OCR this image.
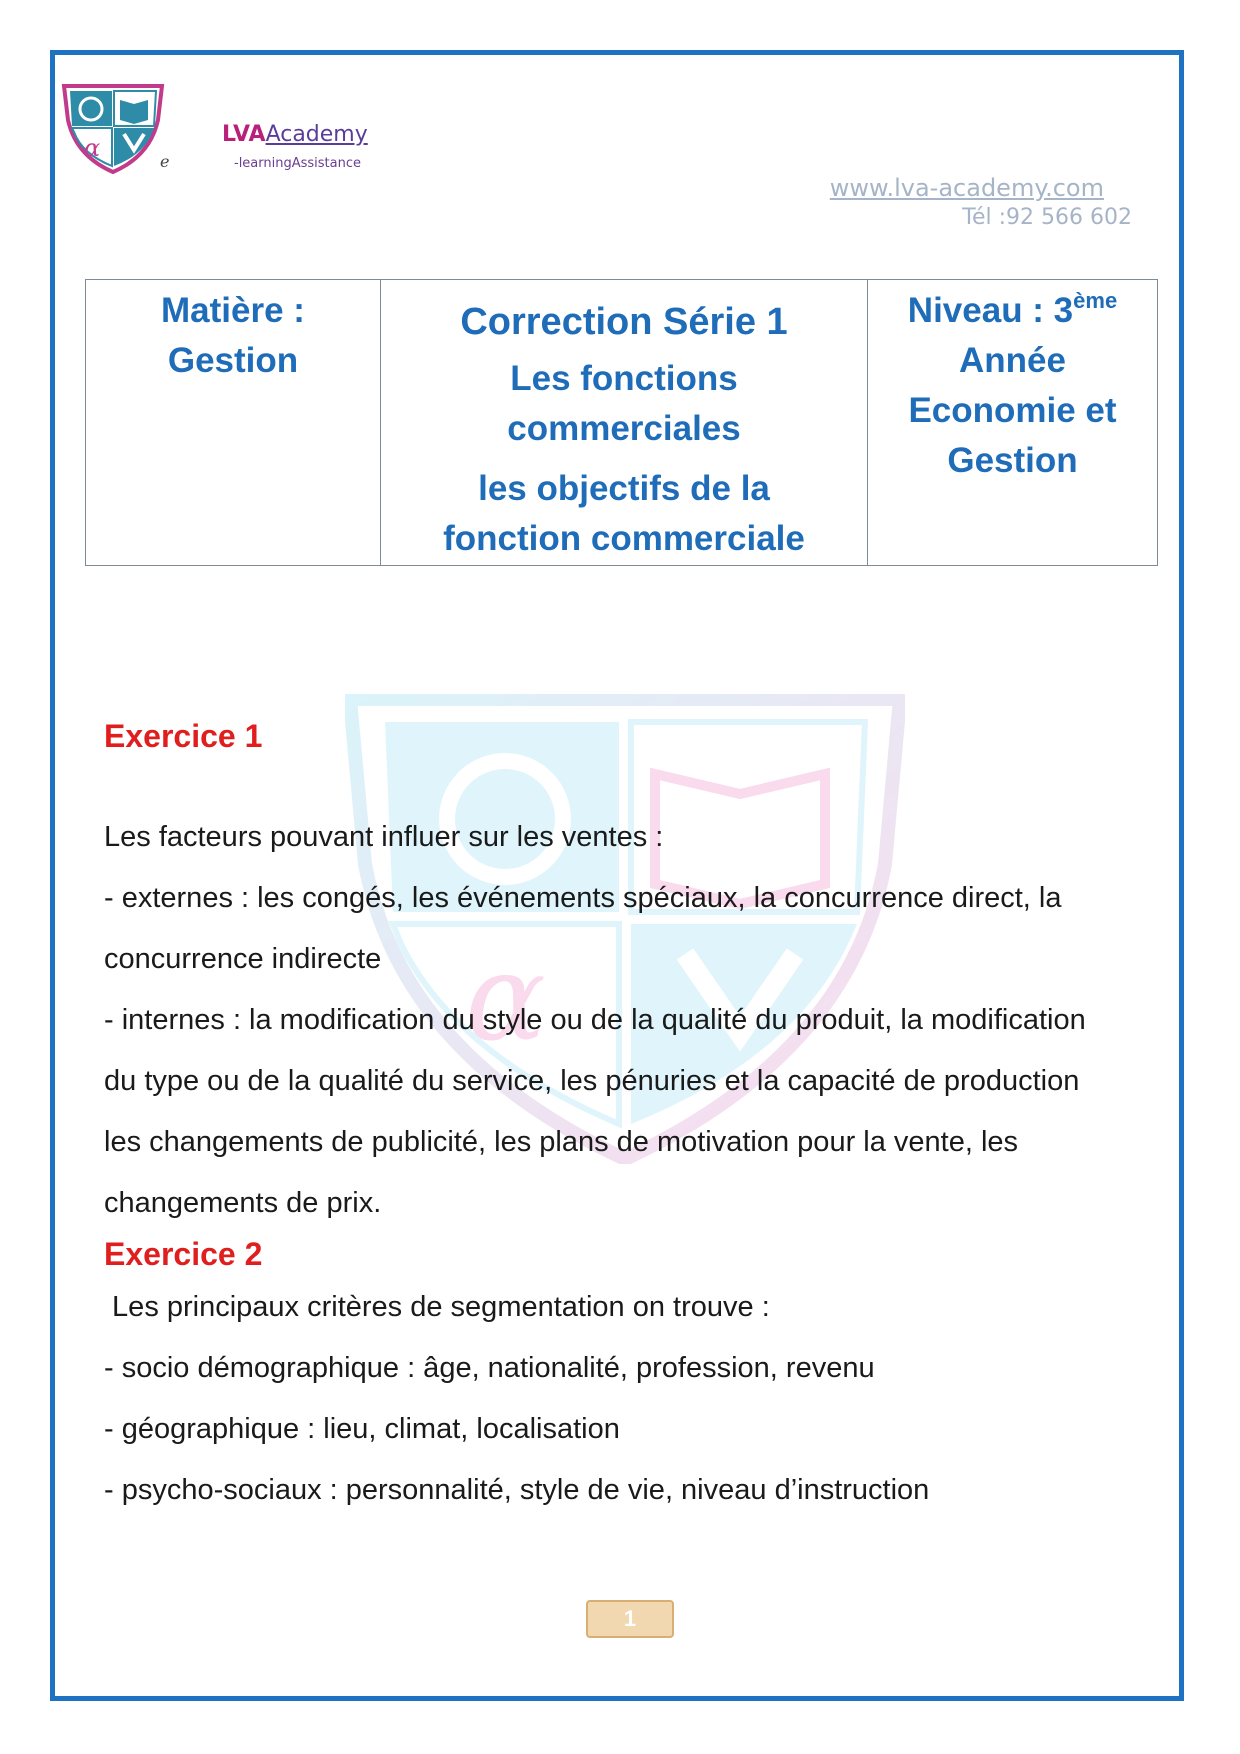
α	e
LVAAcademy
-learningAssistance
www.lva-academy.com
Tél :92 566 602
Matière :
Gestion

Correction Série 1
Les fonctions
commerciales
les objectifs de la
fonction commerciale

Niveau : 3ème
Année
Economie et
Gestion
α
Exercice 1
Les facteurs pouvant influer sur les ventes :
- externes : les congés, les événements spéciaux, la concurrence direct, la
concurrence indirecte
- internes : la modification du style ou de la qualité du produit, la modification
du type ou de la qualité du service, les pénuries et la capacité de production
les changements de publicité, les plans de motivation pour la vente, les
changements de prix.
Exercice 2
Les principaux critères de segmentation on trouve :
- socio démographique : âge, nationalité, profession, revenu
- géographique : lieu, climat, localisation
- psycho-sociaux : personnalité, style de vie, niveau d’instruction
1
